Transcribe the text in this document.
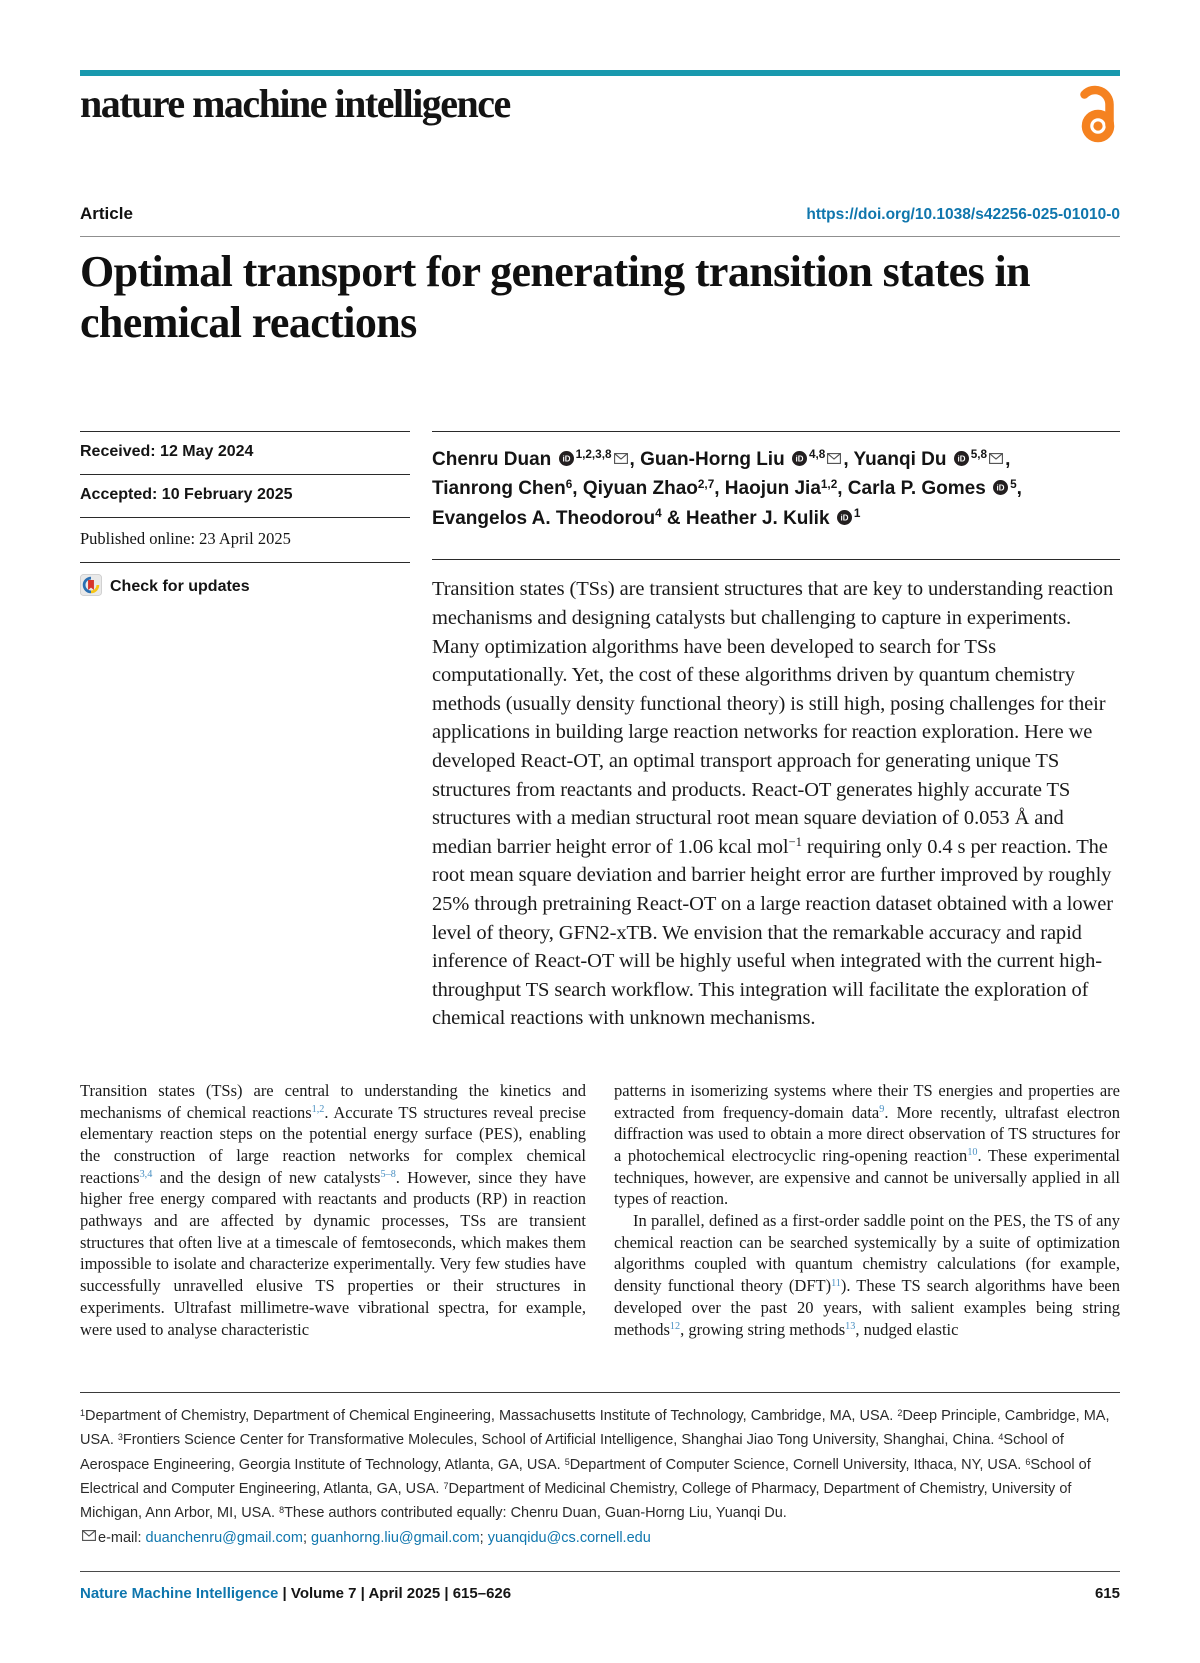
nature machine intelligence
Article	https://doi.org/10.1038/s42256-025-01010-0
Optimal transport for generating transition states in chemical reactions
Received: 12 May 2024
Accepted: 10 February 2025
Published online: 23 April 2025
Check for updates
Chenru Duan iD $^{1,2,3,8}$ , Guan-Horng Liu iD $^{4,8}$ , Yuanqi Du iD $^{5,8}$ ,
Tianrong Chen$^6$, Qiyuan Zhao$^{2,7}$, Haojun Jia$^{1,2}$, Carla P. Gomes iD $^5$,
Evangelos A. Theodorou$^4$ & Heather J. Kulik iD $^1$
Transition states (TSs) are transient structures that are key to understanding reaction mechanisms and designing catalysts but challenging to capture in experiments. Many optimization algorithms have been developed to search for TSs computationally. Yet, the cost of these algorithms driven by quantum chemistry methods (usually density functional theory) is still high, posing challenges for their applications in building large reaction networks for reaction exploration. Here we developed React-OT, an optimal transport approach for generating unique TS structures from reactants and products. React-OT generates highly accurate TS structures with a median structural root mean square deviation of 0.053 Å and median barrier height error of 1.06 kcal mol$^{-1}$ requiring only 0.4 s per reaction. The root mean square deviation and barrier height error are further improved by roughly 25% through pretraining React-OT on a large reaction dataset obtained with a lower level of theory, GFN2-xTB. We envision that the remarkable accuracy and rapid inference of React-OT will be highly useful when integrated with the current high-throughput TS search workflow. This integration will facilitate the exploration of chemical reactions with unknown mechanisms.

Transition states (TSs) are central to understanding the kinetics and mechanisms of chemical reactions$^{1,2}$. Accurate TS structures reveal precise elementary reaction steps on the potential energy surface (PES), enabling the construction of large reaction networks for complex chemical reactions$^{3,4}$ and the design of new catalysts$^{5-8}$. However, since they have higher free energy compared with reactants and products (RP) in reaction pathways and are affected by dynamic processes, TSs are transient structures that often live at a timescale of femtoseconds, which makes them impossible to isolate and characterize experimentally. Very few studies have successfully unravelled elusive TS properties or their structures in experiments. Ultrafast millimetre-wave vibrational spectra, for example, were used to analyse characteristic

patterns in isomerizing systems where their TS energies and properties are extracted from frequency-domain data$^9$. More recently, ultrafast electron diffraction was used to obtain a more direct observation of TS structures for a photochemical electrocyclic ring-opening reaction$^{10}$. These experimental techniques, however, are expensive and cannot be universally applied in all types of reaction.

In parallel, defined as a first-order saddle point on the PES, the TS of any chemical reaction can be searched systemically by a suite of optimization algorithms coupled with quantum chemistry calculations (for example, density functional theory (DFT)$^{11}$). These TS search algorithms have been developed over the past 20 years, with salient examples being string methods$^{12}$, growing string methods$^{13}$, nudged elastic

$^1$Department of Chemistry, Department of Chemical Engineering, Massachusetts Institute of Technology, Cambridge, MA, USA. $^2$Deep Principle, Cambridge, MA, USA. $^3$Frontiers Science Center for Transformative Molecules, School of Artificial Intelligence, Shanghai Jiao Tong University, Shanghai, China. $^4$School of Aerospace Engineering, Georgia Institute of Technology, Atlanta, GA, USA. $^5$Department of Computer Science, Cornell University, Ithaca, NY, USA. $^6$School of Electrical and Computer Engineering, Atlanta, GA, USA. $^7$Department of Medicinal Chemistry, College of Pharmacy, Department of Chemistry, University of Michigan, Ann Arbor, MI, USA. $^8$These authors contributed equally: Chenru Duan, Guan-Horng Liu, Yuanqi Du.

e-mail: duanchenru@gmail.com; guanhorng.liu@gmail.com; yuanqidu@cs.cornell.edu

Nature Machine Intelligence | Volume 7 | April 2025 | 615–626	615
